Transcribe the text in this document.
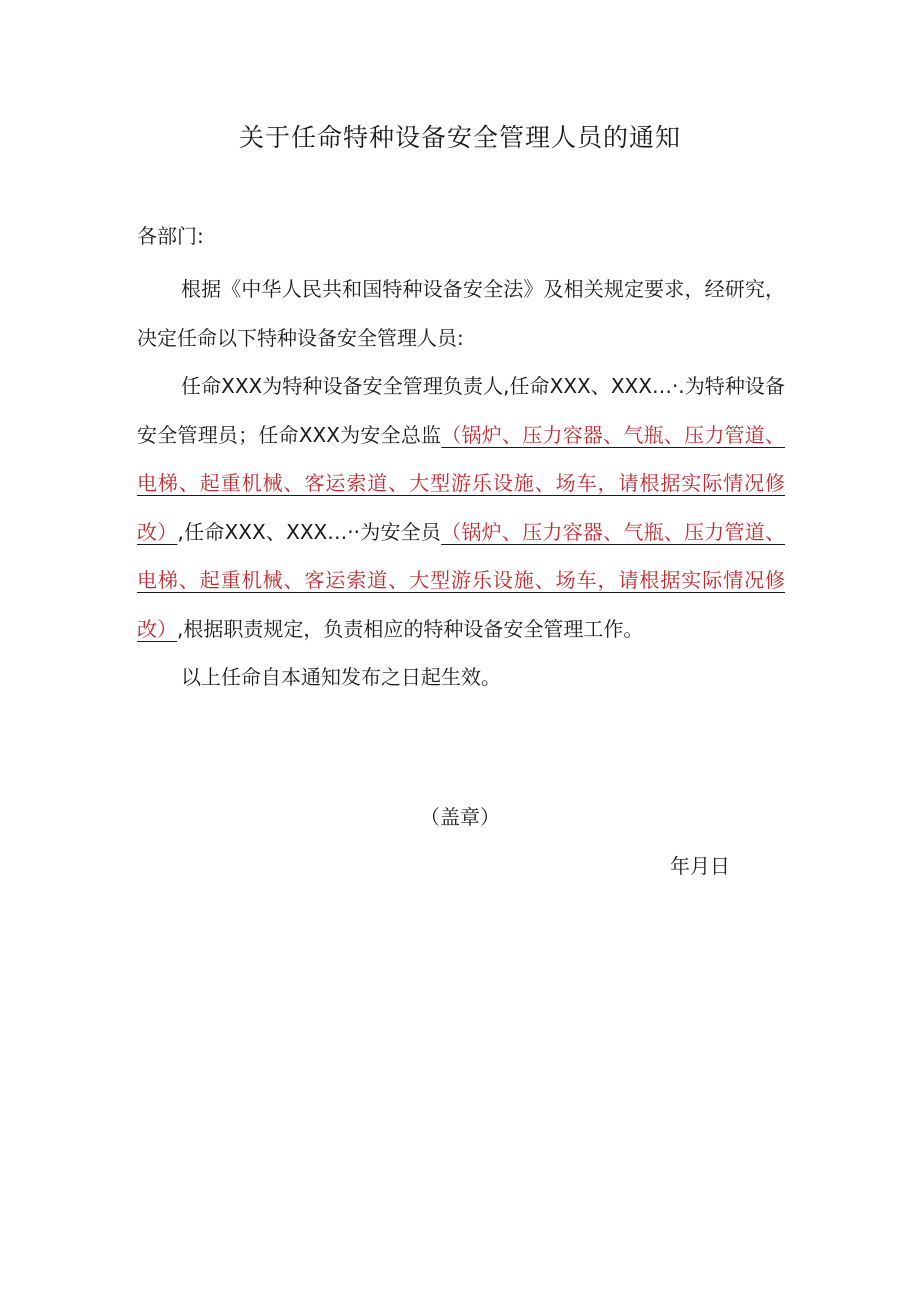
关于任命特种设备安全管理人员的通知

各部门:

根据《中华人民共和国特种设备安全法》及相关规定要求，经研究，决定任命以下特种设备安全管理人员:

任命XXX为特种设备安全管理负责人,任命XXX、XXX…·.为特种设备安全管理员；任命XXX为安全总监（锅炉、压力容器、气瓶、压力管道、电梯、起重机械、客运索道、大型游乐设施、场车，请根据实际情况修改）,任命XXX、XXX…··为安全员（锅炉、压力容器、气瓶、压力管道、电梯、起重机械、客运索道、大型游乐设施、场车，请根据实际情况修改）,根据职责规定，负责相应的特种设备安全管理工作。

以上任命自本通知发布之日起生效。

（盖章）

年月日
